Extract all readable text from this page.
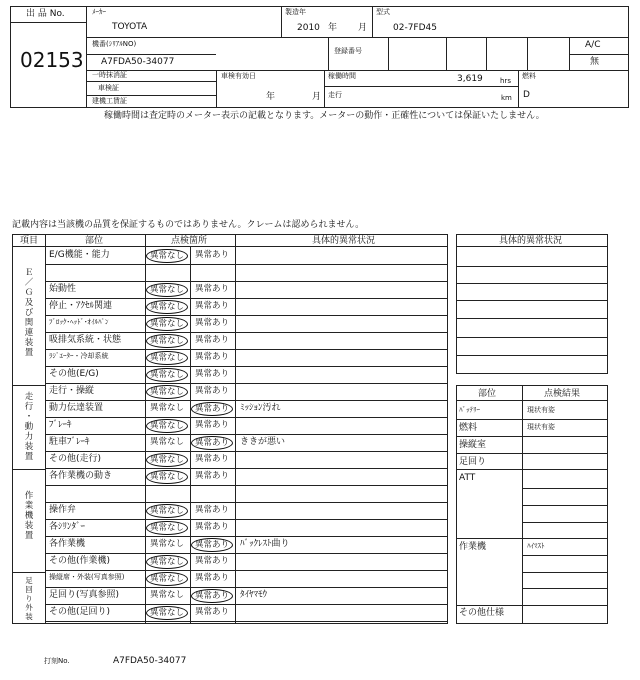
出 品 No.
02153
ﾒｰｶｰ
TOYOTA
製造年
2010 年 月
型式
02-7FD45
機番(ｼﾘｱﾙNO)
A7FDA50-34077
登録番号
A/C
無
一時抹消証
車検証
建機工賃証
車検有効日
年	月
稼働時間	3,619 hrs
走行	km
燃料
D
稼働時間は査定時のメーター表示の記載となります。メーターの動作・正確性については保証いたしません。
記載内容は当該機の品質を保証するものではありません。クレームは認められません。
項目	部位	点検箇所	具体的異常状況
Ｅ
／
Ｇ
及
び
関
連
装
置
走
行
・
動
力
装
置
作
業
機
装
置
足
回
り
外
装
E/G機能・能力	異常なし	異常あり
始動性	異常なし	異常あり
停止・ｱｸｾﾙ関連	異常なし	異常あり
ﾌﾞﾛｯｸ･ﾍｯﾄﾞ･ｵｲﾙﾊﾟﾝ	異常なし	異常あり
吸排気系統・状態	異常なし	異常あり
ﾗｼﾞｴｰﾀｰ・冷却系統	異常なし	異常あり
その他(E/G)	異常なし	異常あり
走行・操縦	異常なし	異常あり
動力伝達装置	異常なし	異常あり	ﾐｯｼｮﾝ汚れ
ﾌﾞﾚｰｷ	異常なし	異常あり
駐車ﾌﾞﾚｰｷ	異常なし	異常あり	ききが悪い
その他(走行)	異常なし	異常あり
各作業機の動き	異常なし	異常あり
操作弁	異常なし	異常あり
各ｼﾘﾝﾀﾞｰ	異常なし	異常あり
各作業機	異常なし	異常あり	ﾊﾞｯｸﾚｽﾄ曲り
その他(作業機)	異常なし	異常あり
操縦席・外装(写真参照)	異常なし	異常あり
足回り(写真参照)	異常なし	異常あり	ﾀｲﾔﾏﾓｳ
その他(足回り)	異常なし	異常あり
具体的異常状況
部位	点検結果
ﾊﾞｯﾃﾘｰ	現状有姿
燃料	現状有姿
操縦室
足回り
ATT
作業機	ﾊｲﾏｽﾄ
その他仕様
打刻No.	A7FDA50-34077
